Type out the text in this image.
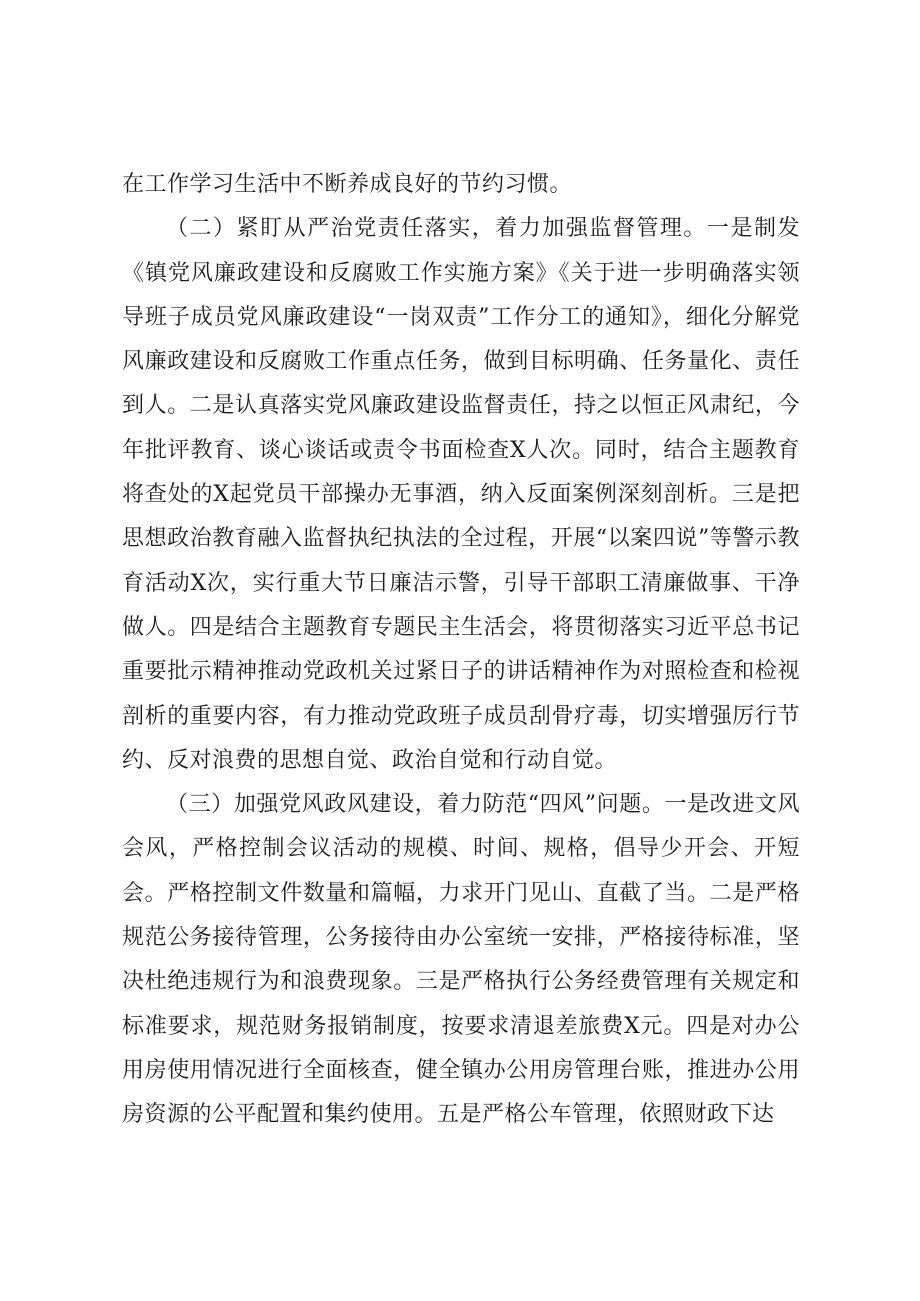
在工作学习生活中不断养成良好的节约习惯。

（二）紧盯从严治党责任落实，着力加强监督管理。一是制发《镇党风廉政建设和反腐败工作实施方案》《关于进一步明确落实领导班子成员党风廉政建设“一岗双责”工作分工的通知》，细化分解党风廉政建设和反腐败工作重点任务，做到目标明确、任务量化、责任到人。二是认真落实党风廉政建设监督责任，持之以恒正风肃纪，今年批评教育、谈心谈话或责令书面检查X人次。同时，结合主题教育将查处的X起党员干部操办无事酒，纳入反面案例深刻剖析。三是把思想政治教育融入监督执纪执法的全过程，开展“以案四说”等警示教育活动X次，实行重大节日廉洁示警，引导干部职工清廉做事、干净做人。四是结合主题教育专题民主生活会，将贯彻落实习近平总书记重要批示精神推动党政机关过紧日子的讲话精神作为对照检查和检视剖析的重要内容，有力推动党政班子成员刮骨疗毒，切实增强厉行节约、反对浪费的思想自觉、政治自觉和行动自觉。

（三）加强党风政风建设，着力防范“四风”问题。一是改进文风会风，严格控制会议活动的规模、时间、规格，倡导少开会、开短会。严格控制文件数量和篇幅，力求开门见山、直截了当。二是严格规范公务接待管理，公务接待由办公室统一安排，严格接待标准，坚决杜绝违规行为和浪费现象。三是严格执行公务经费管理有关规定和标准要求，规范财务报销制度，按要求清退差旅费X元。四是对办公用房使用情况进行全面核查，健全镇办公用房管理台账，推进办公用房资源的公平配置和集约使用。五是严格公车管理，依照财政下达
